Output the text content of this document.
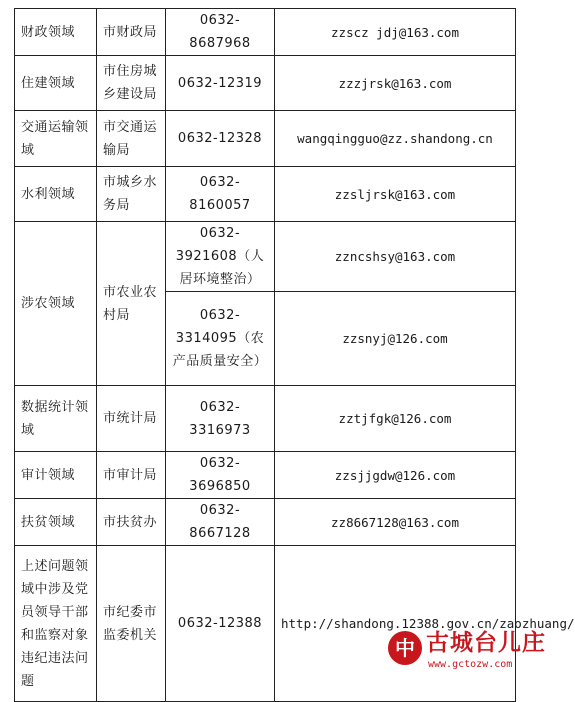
财政领域	市财政局	0632-8687968	zzscz jdj@163.com
住建领域	市住房城乡建设局	0632-12319	zzzjrsk@163.com
交通运输领域	市交通运输局	0632-12328	wangqingguo@zz.shandong.cn
水利领域	市城乡水务局	0632-8160057	zzsljrsk@163.com
涉农领域	市农业农村局	0632-3921608（人居环境整治）	zzncshsy@163.com
		0632-3314095（农产品质量安全）	zzsnyj@126.com
数据统计领域	市统计局	0632-3316973	zztjfgk@126.com
审计领域	市审计局	0632-3696850	zzsjjgdw@126.com
扶贫领域	市扶贫办	0632-8667128	zz8667128@163.com
上述问题领域中涉及党员领导干部和监察对象违纪违法问题	市纪委市监委机关	0632-12388	http://shandong.12388.gov.cn/zaozhuang/
中 古城台儿庄
www.gctozw.com
